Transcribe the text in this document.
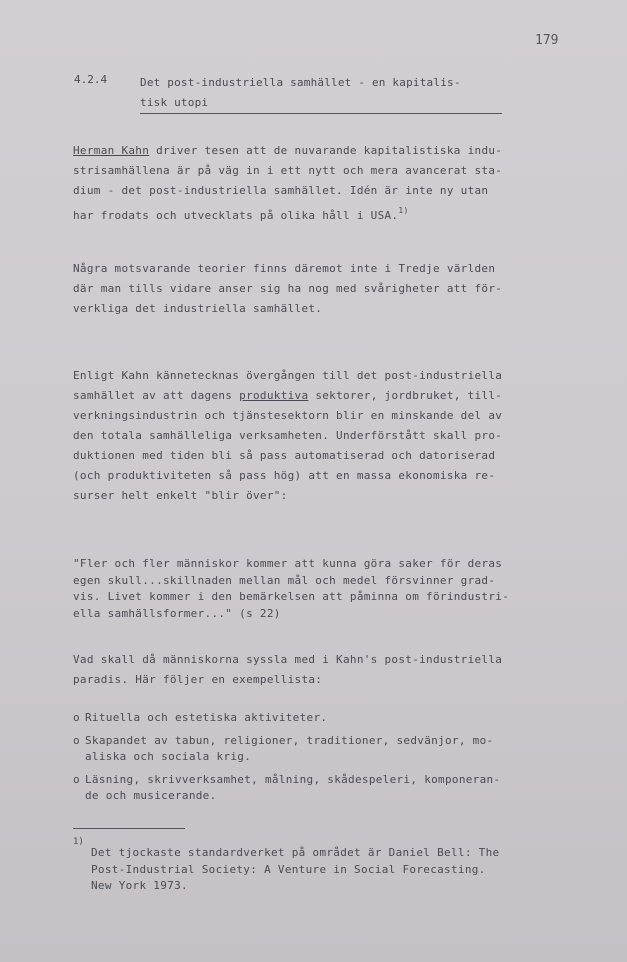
179
4.2.4	Det post-industriella samhället - en kapitalis-
tisk utopi
Herman Kahn driver tesen att de nuvarande kapitalistiska indu-
strisamhällena är på väg in i ett nytt och mera avancerat sta-
dium - det post-industriella samhället. Idén är inte ny utan
har frodats och utvecklats på olika håll i USA.$^{1)}$
Några motsvarande teorier finns däremot inte i Tredje världen
där man tills vidare anser sig ha nog med svårigheter att för-
verkliga det industriella samhället.
Enligt Kahn kännetecknas övergången till det post-industriella
samhället av att dagens produktiva sektorer, jordbruket, till-
verkningsindustrin och tjänstesektorn blir en minskande del av
den totala samhälleliga verksamheten. Underförstått skall pro-
duktionen med tiden bli så pass automatiserad och datoriserad
(och produktiviteten så pass hög) att en massa ekonomiska re-
surser helt enkelt "blir över":
"Fler och fler människor kommer att kunna göra saker för deras
egen skull...skillnaden mellan mål och medel försvinner grad-
vis. Livet kommer i den bemärkelsen att påminna om förindustri-
ella samhällsformer..." (s 22)
Vad skall då människorna syssla med i Kahn's post-industriella
paradis. Här följer en exempellista:
o Rituella och estetiska aktiviteter.
o Skapandet av tabun, religioner, traditioner, sedvänjor, mo-
aliska och sociala krig.
o Läsning, skrivverksamhet, målning, skådespeleri, komponeran-
de och musicerande.
1)
Det tjockaste standardverket på området är Daniel Bell: The
Post-Industrial Society: A Venture in Social Forecasting.
New York 1973.
